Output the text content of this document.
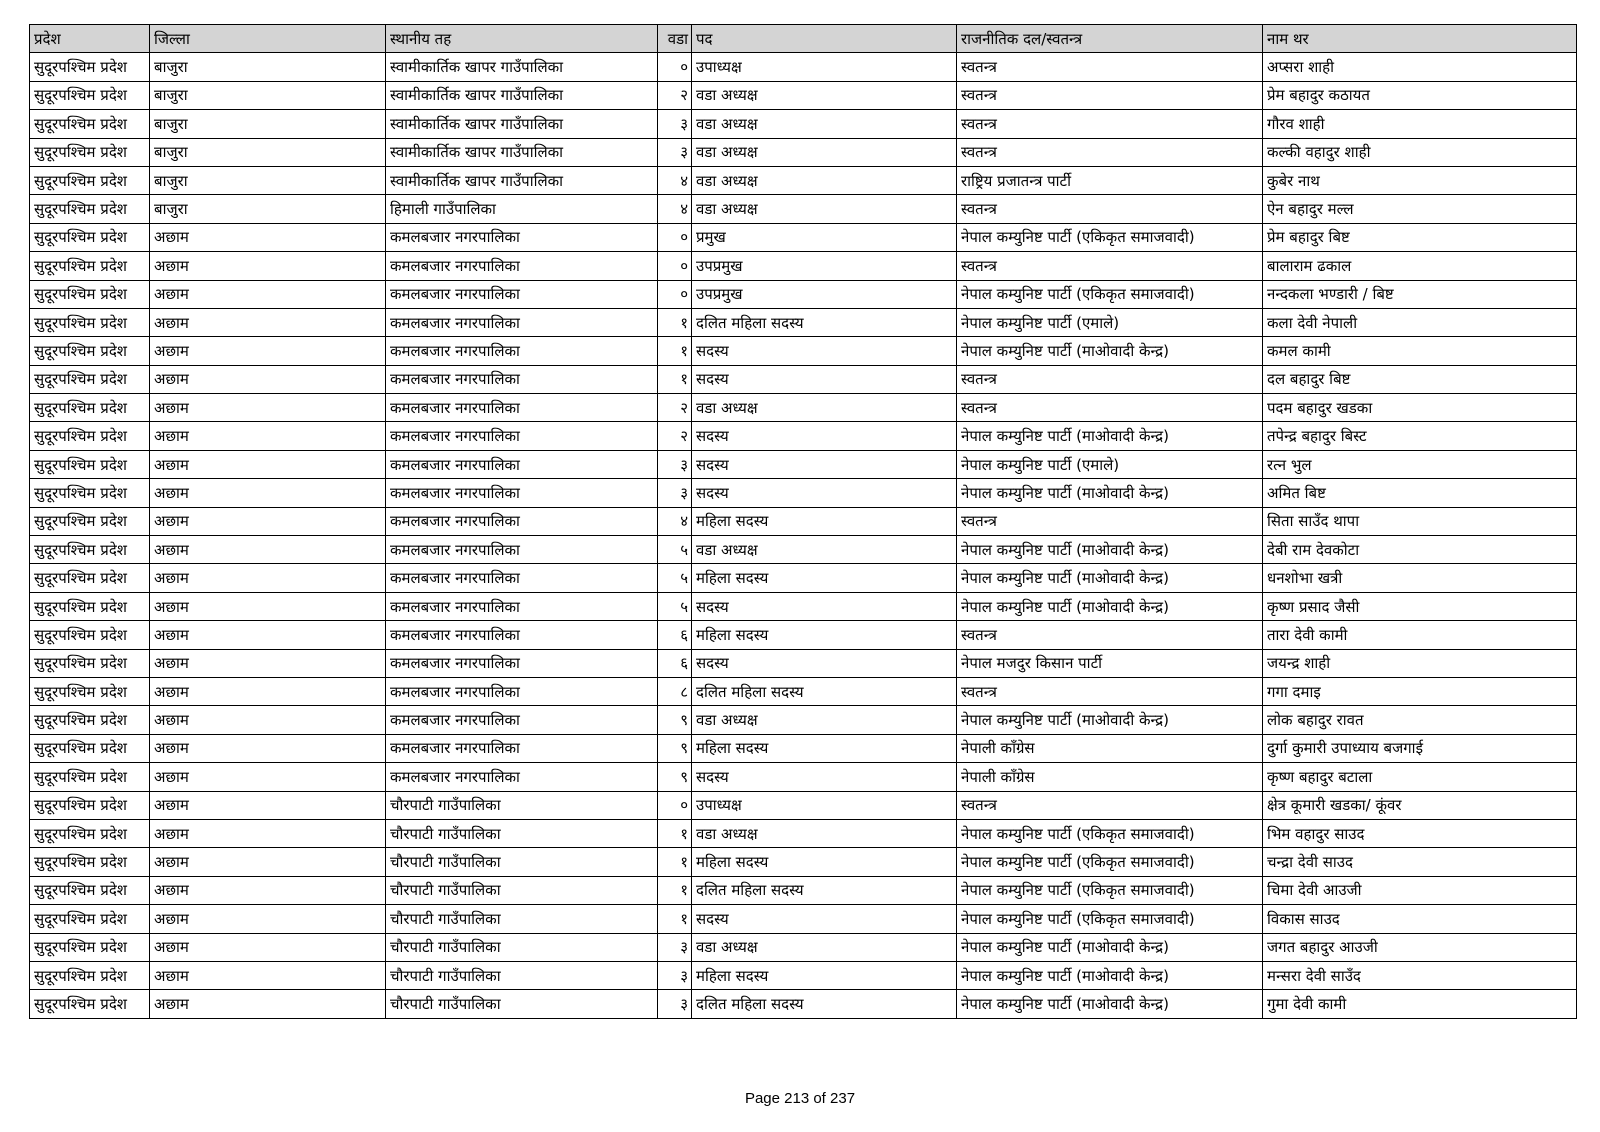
प्रदेश	जिल्ला	स्थानीय तह	वडा	पद	राजनीतिक दल/स्वतन्त्र	नाम थर
सुदूरपश्चिम प्रदेश	बाजुरा	स्वामीकार्तिक खापर गाउँपालिका	०	उपाध्यक्ष	स्वतन्त्र	अप्सरा शाही
सुदूरपश्चिम प्रदेश	बाजुरा	स्वामीकार्तिक खापर गाउँपालिका	२	वडा अध्यक्ष	स्वतन्त्र	प्रेम बहादुर कठायत
सुदूरपश्चिम प्रदेश	बाजुरा	स्वामीकार्तिक खापर गाउँपालिका	३	वडा अध्यक्ष	स्वतन्त्र	गौरव शाही
सुदूरपश्चिम प्रदेश	बाजुरा	स्वामीकार्तिक खापर गाउँपालिका	३	वडा अध्यक्ष	स्वतन्त्र	कल्की वहादुर शाही
सुदूरपश्चिम प्रदेश	बाजुरा	स्वामीकार्तिक खापर गाउँपालिका	४	वडा अध्यक्ष	राष्ट्रिय प्रजातन्त्र पार्टी	कुबेर नाथ
सुदूरपश्चिम प्रदेश	बाजुरा	हिमाली गाउँपालिका	४	वडा अध्यक्ष	स्वतन्त्र	ऐन बहादुर मल्ल
सुदूरपश्चिम प्रदेश	अछाम	कमलबजार नगरपालिका	०	प्रमुख	नेपाल कम्युनिष्ट पार्टी (एकिकृत समाजवादी)	प्रेम बहादुर बिष्ट
सुदूरपश्चिम प्रदेश	अछाम	कमलबजार नगरपालिका	०	उपप्रमुख	स्वतन्त्र	बालाराम ढकाल
सुदूरपश्चिम प्रदेश	अछाम	कमलबजार नगरपालिका	०	उपप्रमुख	नेपाल कम्युनिष्ट पार्टी (एकिकृत समाजवादी)	नन्दकला भण्डारी / बिष्ट
सुदूरपश्चिम प्रदेश	अछाम	कमलबजार नगरपालिका	१	दलित महिला सदस्य	नेपाल कम्युनिष्ट पार्टी (एमाले)	कला देवी नेपाली
सुदूरपश्चिम प्रदेश	अछाम	कमलबजार नगरपालिका	१	सदस्य	नेपाल कम्युनिष्ट पार्टी (माओवादी केन्द्र)	कमल कामी
सुदूरपश्चिम प्रदेश	अछाम	कमलबजार नगरपालिका	१	सदस्य	स्वतन्त्र	दल बहादुर बिष्ट
सुदूरपश्चिम प्रदेश	अछाम	कमलबजार नगरपालिका	२	वडा अध्यक्ष	स्वतन्त्र	पदम बहादुर खडका
सुदूरपश्चिम प्रदेश	अछाम	कमलबजार नगरपालिका	२	सदस्य	नेपाल कम्युनिष्ट पार्टी (माओवादी केन्द्र)	तपेन्द्र बहादुर बिस्ट
सुदूरपश्चिम प्रदेश	अछाम	कमलबजार नगरपालिका	३	सदस्य	नेपाल कम्युनिष्ट पार्टी (एमाले)	रत्न भुल
सुदूरपश्चिम प्रदेश	अछाम	कमलबजार नगरपालिका	३	सदस्य	नेपाल कम्युनिष्ट पार्टी (माओवादी केन्द्र)	अमित बिष्ट
सुदूरपश्चिम प्रदेश	अछाम	कमलबजार नगरपालिका	४	महिला सदस्य	स्वतन्त्र	सिता साउँद थापा
सुदूरपश्चिम प्रदेश	अछाम	कमलबजार नगरपालिका	५	वडा अध्यक्ष	नेपाल कम्युनिष्ट पार्टी (माओवादी केन्द्र)	देबी राम देवकोटा
सुदूरपश्चिम प्रदेश	अछाम	कमलबजार नगरपालिका	५	महिला सदस्य	नेपाल कम्युनिष्ट पार्टी (माओवादी केन्द्र)	धनशोभा खत्री
सुदूरपश्चिम प्रदेश	अछाम	कमलबजार नगरपालिका	५	सदस्य	नेपाल कम्युनिष्ट पार्टी (माओवादी केन्द्र)	कृष्ण प्रसाद जैसी
सुदूरपश्चिम प्रदेश	अछाम	कमलबजार नगरपालिका	६	महिला सदस्य	स्वतन्त्र	तारा देवी कामी
सुदूरपश्चिम प्रदेश	अछाम	कमलबजार नगरपालिका	६	सदस्य	नेपाल मजदुर किसान पार्टी	जयन्द्र शाही
सुदूरपश्चिम प्रदेश	अछाम	कमलबजार नगरपालिका	८	दलित महिला सदस्य	स्वतन्त्र	गगा दमाइ
सुदूरपश्चिम प्रदेश	अछाम	कमलबजार नगरपालिका	९	वडा अध्यक्ष	नेपाल कम्युनिष्ट पार्टी (माओवादी केन्द्र)	लोक बहादुर रावत
सुदूरपश्चिम प्रदेश	अछाम	कमलबजार नगरपालिका	९	महिला सदस्य	नेपाली काँग्रेस	दुर्गा कुमारी उपाध्याय बजगाई
सुदूरपश्चिम प्रदेश	अछाम	कमलबजार नगरपालिका	९	सदस्य	नेपाली काँग्रेस	कृष्ण बहादुर बटाला
सुदूरपश्चिम प्रदेश	अछाम	चौरपाटी गाउँपालिका	०	उपाध्यक्ष	स्वतन्त्र	क्षेत्र कूमारी खडका/ कूंवर
सुदूरपश्चिम प्रदेश	अछाम	चौरपाटी गाउँपालिका	१	वडा अध्यक्ष	नेपाल कम्युनिष्ट पार्टी (एकिकृत समाजवादी)	भिम वहादुर साउद
सुदूरपश्चिम प्रदेश	अछाम	चौरपाटी गाउँपालिका	१	महिला सदस्य	नेपाल कम्युनिष्ट पार्टी (एकिकृत समाजवादी)	चन्द्रा देवी साउद
सुदूरपश्चिम प्रदेश	अछाम	चौरपाटी गाउँपालिका	१	दलित महिला सदस्य	नेपाल कम्युनिष्ट पार्टी (एकिकृत समाजवादी)	चिमा देवी आउजी
सुदूरपश्चिम प्रदेश	अछाम	चौरपाटी गाउँपालिका	१	सदस्य	नेपाल कम्युनिष्ट पार्टी (एकिकृत समाजवादी)	विकास साउद
सुदूरपश्चिम प्रदेश	अछाम	चौरपाटी गाउँपालिका	३	वडा अध्यक्ष	नेपाल कम्युनिष्ट पार्टी (माओवादी केन्द्र)	जगत बहादुर आउजी
सुदूरपश्चिम प्रदेश	अछाम	चौरपाटी गाउँपालिका	३	महिला सदस्य	नेपाल कम्युनिष्ट पार्टी (माओवादी केन्द्र)	मन्सरा देवी साउँद
सुदूरपश्चिम प्रदेश	अछाम	चौरपाटी गाउँपालिका	३	दलित महिला सदस्य	नेपाल कम्युनिष्ट पार्टी (माओवादी केन्द्र)	गुमा देवी कामी
Page 213 of 237
